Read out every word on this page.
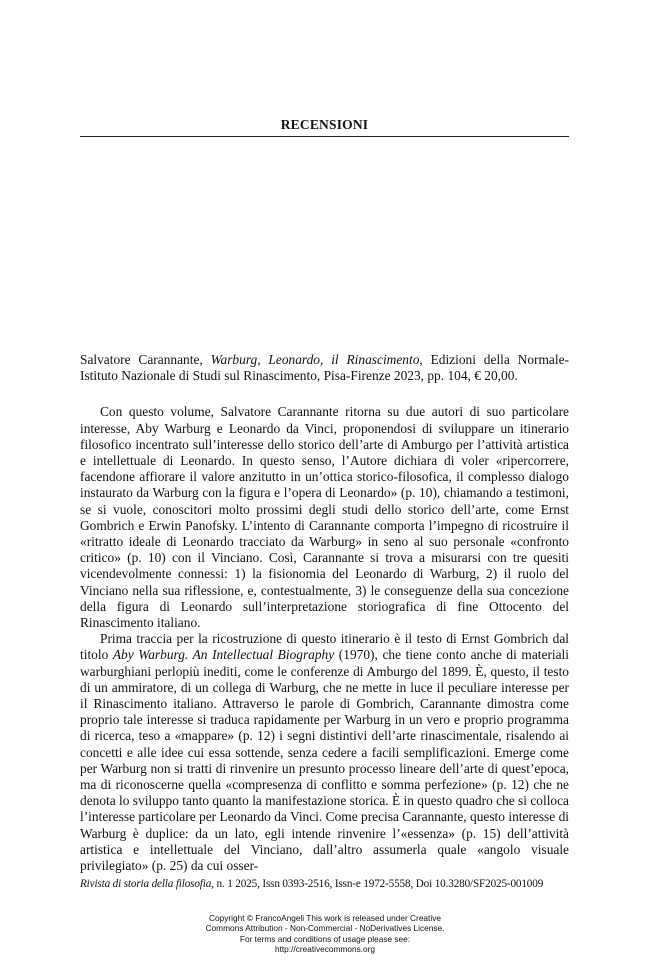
RECENSIONI

Salvatore Carannante, Warburg, Leonardo, il Rinascimento, Edizioni della Normale-Istituto Nazionale di Studi sul Rinascimento, Pisa-Firenze 2023, pp. 104, € 20,00.

Con questo volume, Salvatore Carannante ritorna su due autori di suo particolare interesse, Aby Warburg e Leonardo da Vinci, proponendosi di sviluppare un itinerario filosofico incentrato sull’interesse dello storico dell’arte di Amburgo per l’attività artistica e intellettuale di Leonardo. In questo senso, l’Autore dichiara di voler «ripercorrere, facendone affiorare il valore anzitutto in un’ottica storico-filosofica, il complesso dialogo instaurato da Warburg con la figura e l’opera di Leonardo» (p. 10), chiamando a testimoni, se si vuole, conoscitori molto prossimi degli studi dello storico dell’arte, come Ernst Gombrich e Erwin Panofsky. L’intento di Carannante comporta l’impegno di ricostruire il «ritratto ideale di Leonardo tracciato da Warburg» in seno al suo personale «confronto critico» (p. 10) con il Vinciano. Così, Carannante si trova a misurarsi con tre quesiti vicendevolmente connessi: 1) la fisionomia del Leonardo di Warburg, 2) il ruolo del Vinciano nella sua riflessione, e, contestualmente, 3) le conseguenze della sua concezione della figura di Leonardo sull’interpretazione storiografica di fine Ottocento del Rinascimento italiano.

Prima traccia per la ricostruzione di questo itinerario è il testo di Ernst Gombrich dal titolo Aby Warburg. An Intellectual Biography (1970), che tiene conto anche di materiali warburghiani perlopiù inediti, come le conferenze di Amburgo del 1899. È, questo, il testo di un ammiratore, di un collega di Warburg, che ne mette in luce il peculiare interesse per il Rinascimento italiano. Attraverso le parole di Gombrich, Carannante dimostra come proprio tale interesse si traduca rapidamente per Warburg in un vero e proprio programma di ricerca, teso a «mappare» (p. 12) i segni distintivi dell’arte rinascimentale, risalendo ai concetti e alle idee cui essa sottende, senza cedere a facili semplificazioni. Emerge come per Warburg non si tratti di rinvenire un presunto processo lineare dell’arte di quest’epoca, ma di riconoscerne quella «compresenza di conflitto e somma perfezione» (p. 12) che ne denota lo sviluppo tanto quanto la manifestazione storica. È in questo quadro che si colloca l’interesse particolare per Leonardo da Vinci. Come precisa Carannante, questo interesse di Warburg è duplice: da un lato, egli intende rinvenire l’«essenza» (p. 15) dell’attività artistica e intellettuale del Vinciano, dall’altro assumerla quale «angolo visuale privilegiato» (p. 25) da cui osser-

Rivista di storia della filosofia, n. 1 2025, Issn 0393-2516, Issn-e 1972-5558, Doi 10.3280/SF2025-001009
Copyright © FrancoAngeli This work is released under Creative
Commons Attribution - Non-Commercial - NoDerivatives License.
For terms and conditions of usage please see:
http://creativecommons.org
